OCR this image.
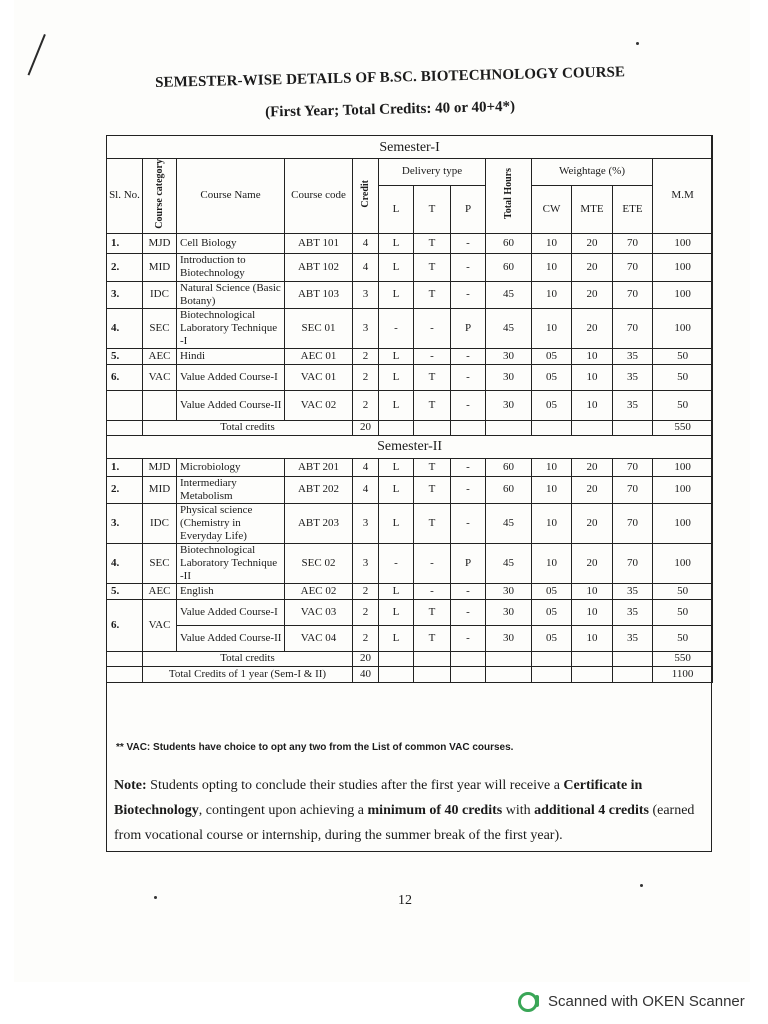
SEMESTER-WISE DETAILS OF B.SC. BIOTECHNOLOGY COURSE
(First Year; Total Credits: 40 or 40+4*)
Semester-I												
Sl. No.	Course category	Course Name	Course code	Credit	Delivery type			Total Hours	Weightage (%)			M.M
					L	T	P		CW	MTE	ETE	
1.	MJD	Cell Biology	ABT 101	4	L	T	-	60	10	20	70	100
2.	MID	Introduction to Biotechnology	ABT 102	4	L	T	-	60	10	20	70	100
3.	IDC	Natural Science (Basic Botany)	ABT 103	3	L	T	-	45	10	20	70	100
4.	SEC	Biotechnological Laboratory Technique -I	SEC 01	3	-	-	P	45	10	20	70	100
5.	AEC	Hindi	AEC 01	2	L	-	-	30	05	10	35	50
6.	VAC	Value Added Course-I	VAC 01	2	L	T	-	30	05	10	35	50
		Value Added Course-II	VAC 02	2	L	T	-	30	05	10	35	50
	Total credits			20								550
Semester-II												
1.	MJD	Microbiology	ABT 201	4	L	T	-	60	10	20	70	100
2.	MID	Intermediary Metabolism	ABT 202	4	L	T	-	60	10	20	70	100
3.	IDC	Physical science (Chemistry in Everyday Life)	ABT 203	3	L	T	-	45	10	20	70	100
4.	SEC	Biotechnological Laboratory Technique -II	SEC 02	3	-	-	P	45	10	20	70	100
5.	AEC	English	AEC 02	2	L	-	-	30	05	10	35	50
6.	VAC	Value Added Course-I	VAC 03	2	L	T	-	30	05	10	35	50
		Value Added Course-II	VAC 04	2	L	T	-	30	05	10	35	50
	Total credits			20								550
	Total Credits of 1 year (Sem-I & II)			40								1100
** VAC: Students have choice to opt any two from the List of common VAC courses.
Note: Students opting to conclude their studies after the first year will receive a Certificate in Biotechnology, contingent upon achieving a minimum of 40 credits with additional 4 credits (earned from vocational course or internship, during the summer break of the first year).
12
Scanned with OKEN Scanner
